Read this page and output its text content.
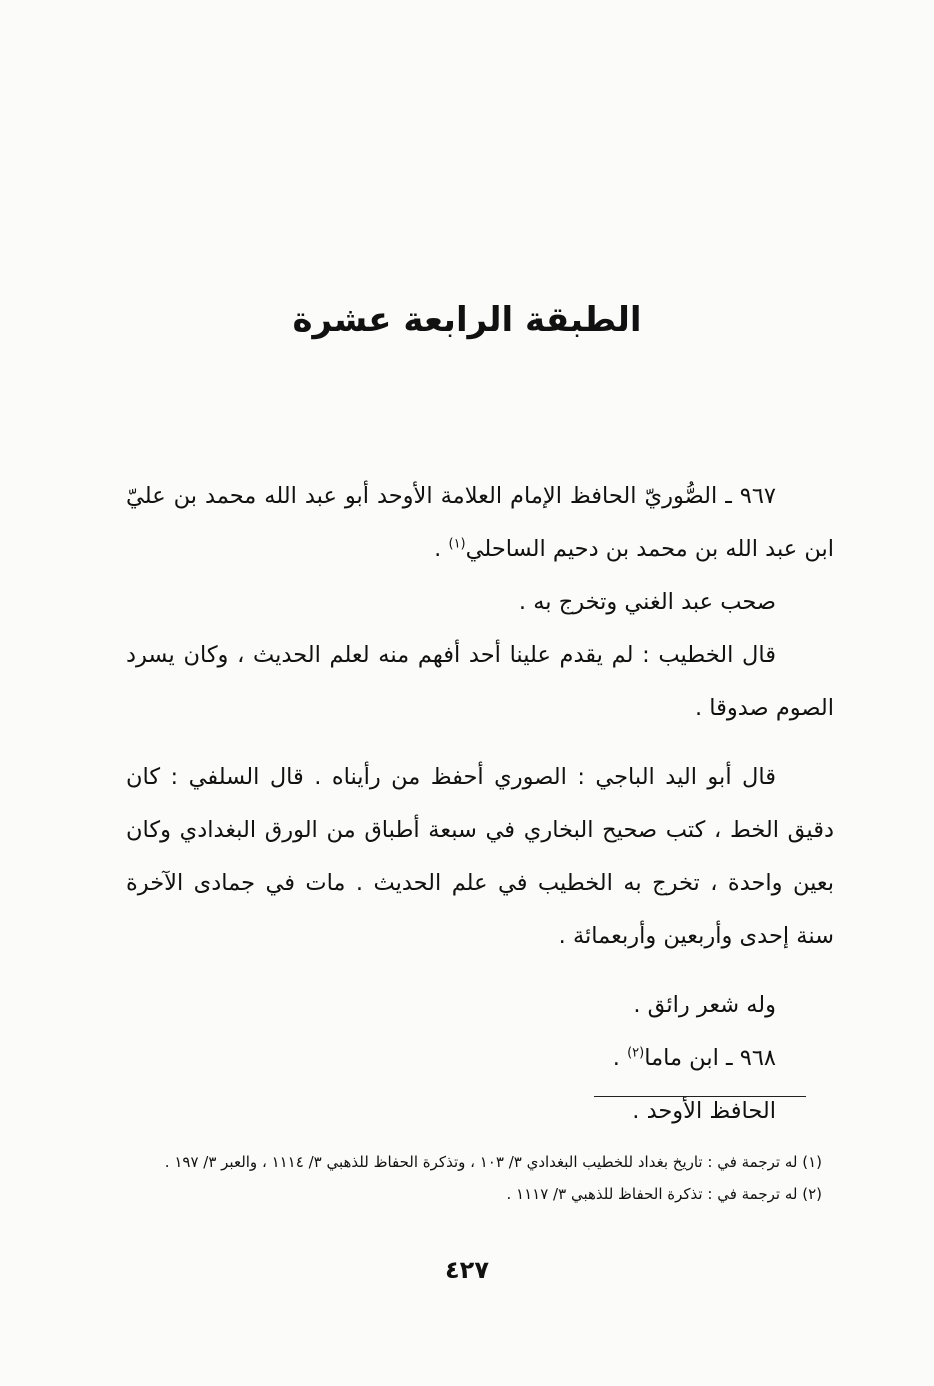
الطبقة الرابعة عشرة

٩٦٧ ـ الصُّوريّ الحافظ الإمام العلامة الأوحد أبو عبد الله محمد بن عليّ ابن عبد الله بن محمد بن دحيم الساحلي$^{(١)}$ .

صحب عبد الغني وتخرج به .

قال الخطيب : لم يقدم علينا أحد أفهم منه لعلم الحديث ، وكان يسرد الصوم صدوقا .

قال أبو اليد الباجي : الصوري أحفظ من رأيناه . قال السلفي : كان دقيق الخط ، كتب صحيح البخاري في سبعة أطباق من الورق البغدادي وكان بعين واحدة ، تخرج به الخطيب في علم الحديث . مات في جمادى الآخرة سنة إحدى وأربعين وأربعمائة .

وله شعر رائق .

٩٦٨ ـ ابن ماما$^{(٢)}$ .

الحافظ الأوحد .

(١) له ترجمة في : تاريخ بغداد للخطيب البغدادي ٣/ ١٠٣ ، وتذكرة الحفاظ للذهبي ٣/ ١١١٤ ، والعبر ٣/ ١٩٧ .

(٢) له ترجمة في : تذكرة الحفاظ للذهبي ٣/ ١١١٧ .

٤٢٧
